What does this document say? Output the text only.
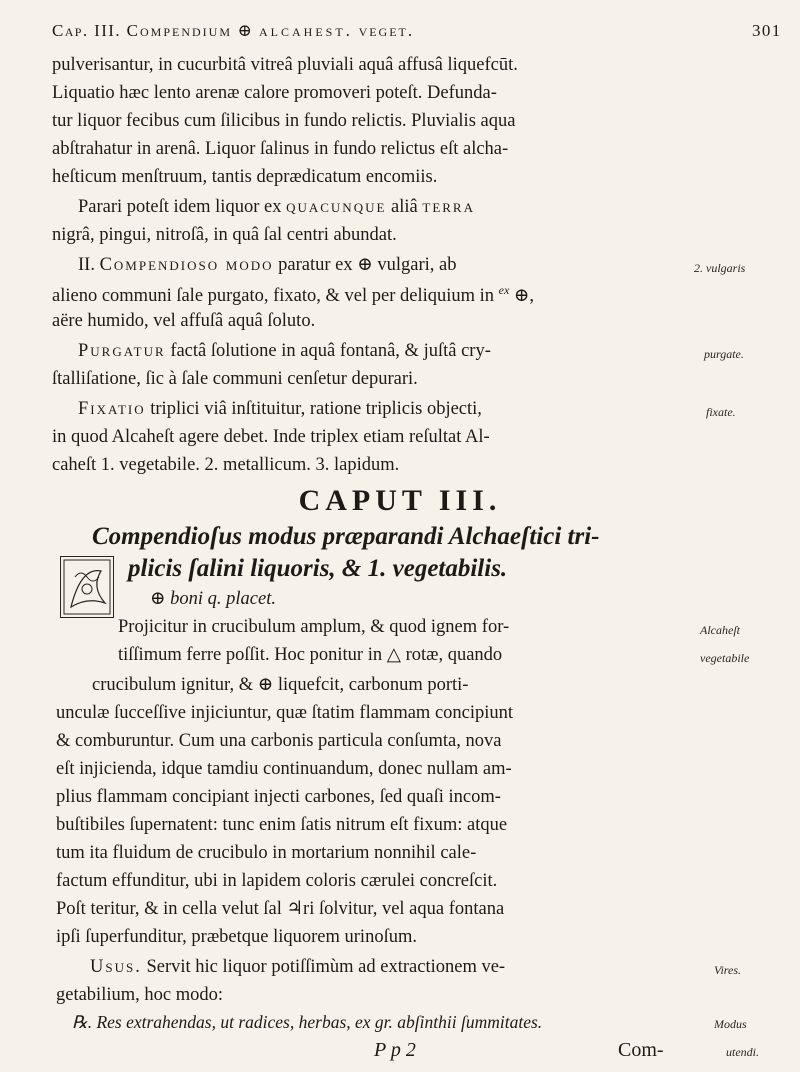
Cap. III. Compendium ⊕ alcahest. veget.	301
pulverisantur, in cucurbitâ vitreâ pluviali aquâ affusâ liquefcūt.
Liquatio hæc lento arenæ calore promoveri poteſt. Defunda-
tur liquor fecibus cum ſilicibus in fundo relictis. Pluvialis aqua
abſtrahatur in arenâ. Liquor ſalinus in fundo relictus eſt alcha-
heſticum menſtruum, tantis deprædicatum encomiis.
Parari poteſt idem liquor ex quacunque aliâ terra
nigrâ, pingui, nitroſâ, in quâ ſal centri abundat.
II. Compendioso modo paratur ex ⊕ vulgari, ab	2. vulgaris
alieno communi ſale purgato, fixato, & vel per deliquium in $^{ex}$ ⊕,
aëre humido, vel affuſâ aquâ ſoluto.
Purgatur factâ ſolutione in aquâ fontanâ, & juſtâ cry-	purgate.
ſtalliſatione, ſic à ſale communi cenſetur depurari.
Fixatio triplici viâ inſtituitur, ratione triplicis objecti,	fixate.
in quod Alcaheſt agere debet. Inde triplex etiam reſultat Al-
caheſt 1. vegetabile. 2. metallicum. 3. lapidum.
CAPUT III.
Compendioſus modus præparandi Alchaeſtici tri-
plicis ſalini liquoris, & 1. vegetabilis.
⊕ boni q. placet.
Projicitur in crucibulum amplum, & quod ignem for-	Alcaheſt
tiſſimum ferre poſſit. Hoc ponitur in △ rotæ, quando	vegetabile
crucibulum ignitur, & ⊕ liquefcit, carbonum porti-
unculæ ſucceſſive injiciuntur, quæ ſtatim flammam concipiunt
& comburuntur. Cum una carbonis particula conſumta, nova
eſt injicienda, idque tamdiu continuandum, donec nullam am-
plius flammam concipiant injecti carbones, ſed quaſi incom-
buſtibiles ſupernatent: tunc enim ſatis nitrum eſt fixum: atque
tum ita fluidum de crucibulo in mortarium nonnihil cale-
factum effunditur, ubi in lapidem coloris cærulei concreſcit.
Poſt teritur, & in cella velut ſal ♃ri ſolvitur, vel aqua fontana
ipſi ſuperfunditur, præbetque liquorem urinoſum.
Usus. Servit hic liquor potiſſimùm ad extractionem ve-	Vires.
getabilium, hoc modo:
℞. Res extrahendas, ut radices, herbas, ex gr. abſinthii ſummitates.	Modus
utendi.
P p 2	Com-
